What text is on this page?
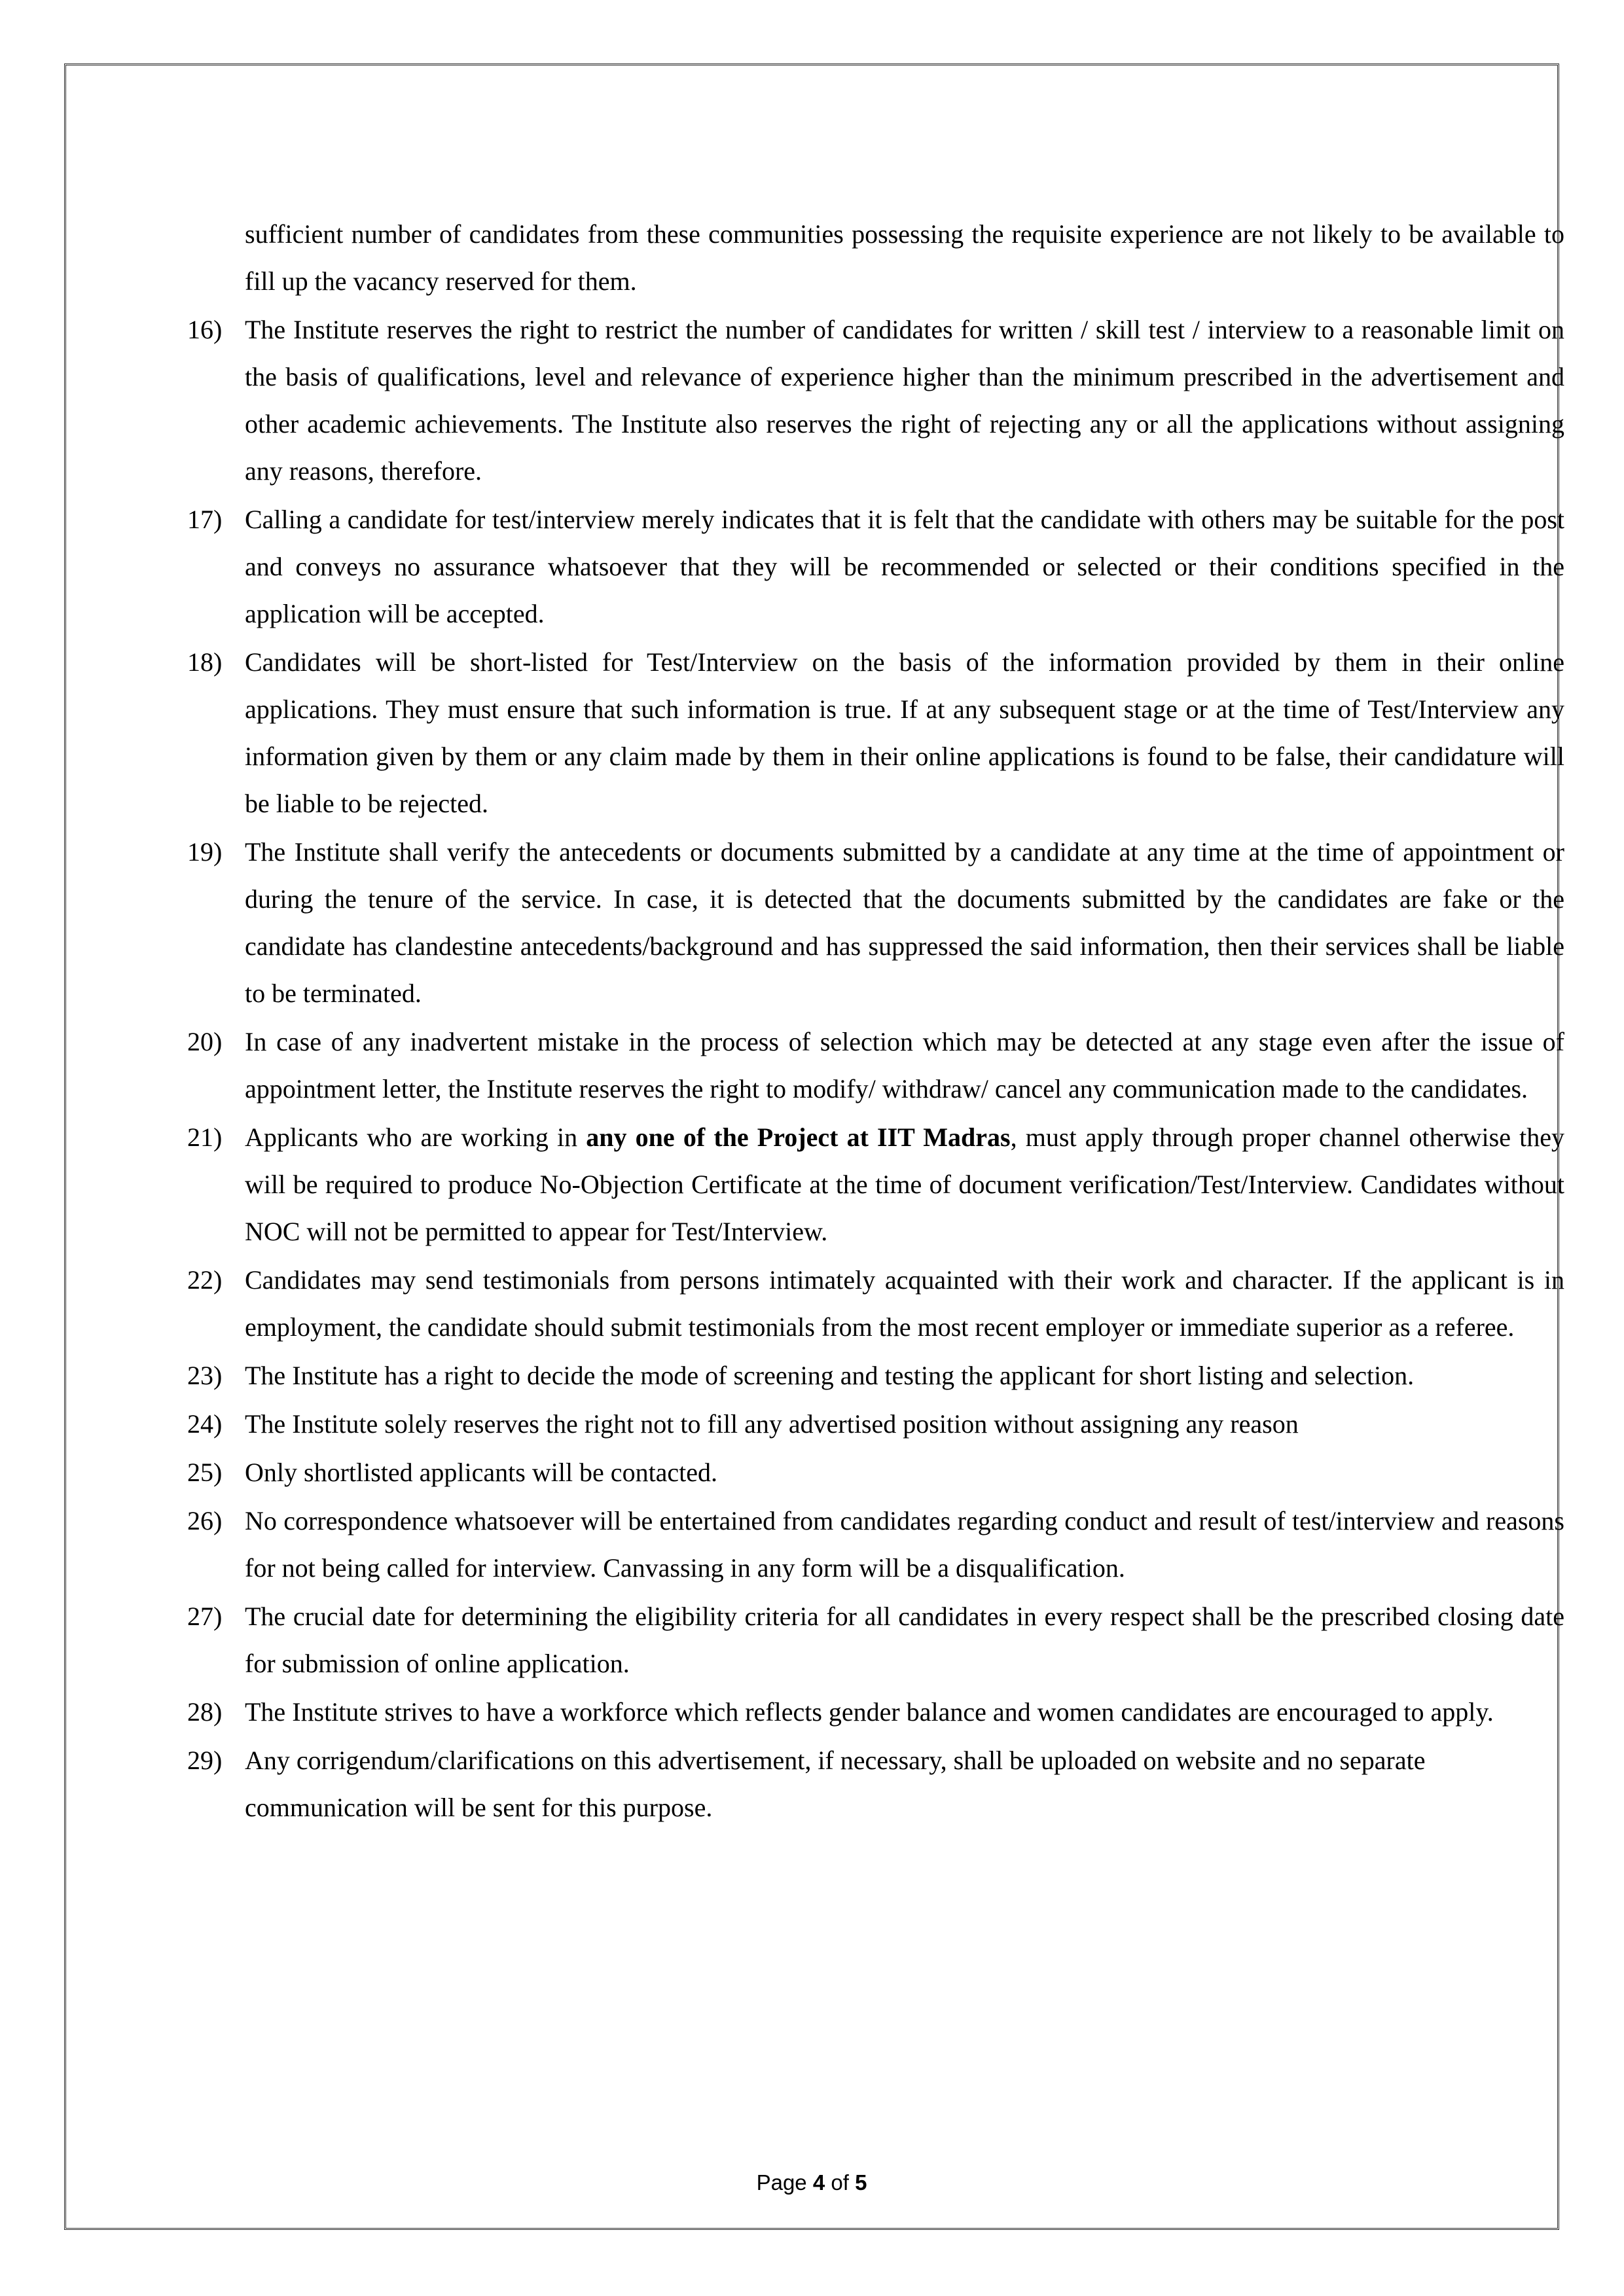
sufficient number of candidates from these communities possessing the requisite experience are not likely to be available to fill up the vacancy reserved for them.

16) The Institute reserves the right to restrict the number of candidates for written / skill test / interview to a reasonable limit on the basis of qualifications, level and relevance of experience higher than the minimum prescribed in the advertisement and other academic achievements. The Institute also reserves the right of rejecting any or all the applications without assigning any reasons, therefore.
17) Calling a candidate for test/interview merely indicates that it is felt that the candidate with others may be suitable for the post and conveys no assurance whatsoever that they will be recommended or selected or their conditions specified in the application will be accepted.
18) Candidates will be short-listed for Test/Interview on the basis of the information provided by them in their online applications. They must ensure that such information is true. If at any subsequent stage or at the time of Test/Interview any information given by them or any claim made by them in their online applications is found to be false, their candidature will be liable to be rejected.
19) The Institute shall verify the antecedents or documents submitted by a candidate at any time at the time of appointment or during the tenure of the service. In case, it is detected that the documents submitted by the candidates are fake or the candidate has clandestine antecedents/background and has suppressed the said information, then their services shall be liable to be terminated.
20) In case of any inadvertent mistake in the process of selection which may be detected at any stage even after the issue of appointment letter, the Institute reserves the right to modify/ withdraw/ cancel any communication made to the candidates.
21) Applicants who are working in any one of the Project at IIT Madras, must apply through proper channel otherwise they will be required to produce No-Objection Certificate at the time of document verification/Test/Interview. Candidates without NOC will not be permitted to appear for Test/Interview.
22) Candidates may send testimonials from persons intimately acquainted with their work and character. If the applicant is in employment, the candidate should submit testimonials from the most recent employer or immediate superior as a referee.
23) The Institute has a right to decide the mode of screening and testing the applicant for short listing and selection.
24) The Institute solely reserves the right not to fill any advertised position without assigning any reason
25) Only shortlisted applicants will be contacted.
26) No correspondence whatsoever will be entertained from candidates regarding conduct and result of test/interview and reasons for not being called for interview. Canvassing in any form will be a disqualification.
27) The crucial date for determining the eligibility criteria for all candidates in every respect shall be the prescribed closing date for submission of online application.
28) The Institute strives to have a workforce which reflects gender balance and women candidates are encouraged to apply.
29) Any corrigendum/clarifications on this advertisement, if necessary, shall be uploaded on website and no separate communication will be sent for this purpose.
Page 4 of 5
